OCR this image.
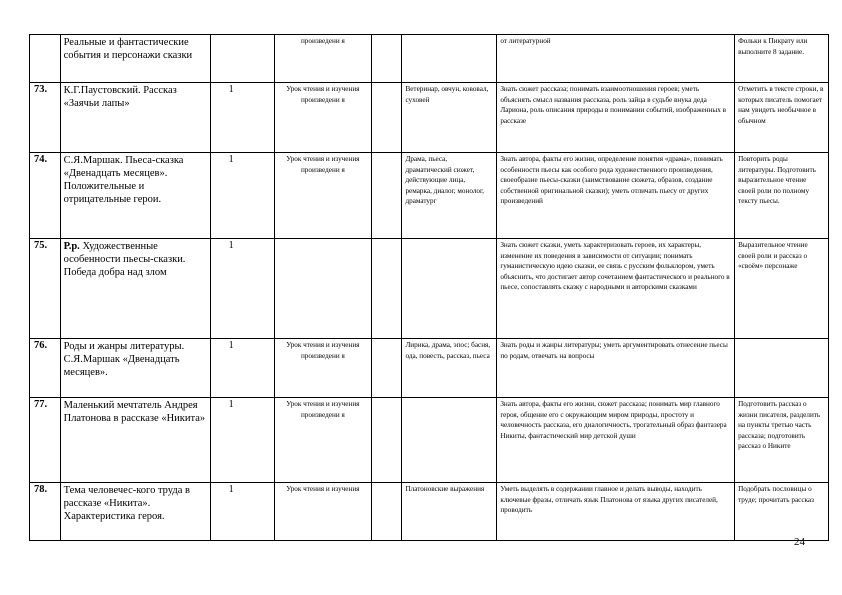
	Реальные и фантастические события и персонажи сказки		произведени я			от литературной	Фольки к Пикрату или выполните 8 задание.
73.	К.Г.Паустовский. Рассказ «Заячьи лапы»	1	Урок чтения и изучения произведени я		Ветеринар, овчун, кововал, суховей	Знать сюжет рассказа; понимать взаимоотношения героев; уметь объяснять смысл названия рассказа, роль зайца в судьбе внука деда Ларионa, роль описания природы в понимании событий, изображенных в рассказе	Отметить в тексте строки, в которых писатель помогает нам увидеть необычное в обычном
74.	С.Я.Маршак. Пьеса-сказка «Двенадцать месяцев». Положительные и отрицательные герои.	1	Урок чтения и изучения произведени я		Драма, пьеса, драматический сюжет, действующие лица, ремарка, диалог, монолог, драматург	Знать автора, факты его жизни, определение понятия «драма», понимать особенности пьесы как особого рода художественного произведения, своеобразие пьесы-сказки (заимствование сюжета, образов, создание собственной оригинальной сказки); уметь отличать пьесу от других произведений	Повторить роды литературы. Подготовить выразительное чтение своей роли по полному тексту пьесы.
75.	Р.р. Художественные особенности пьесы-сказки. Победа добра над злом	1				Знать сюжет сказки, уметь характеризовать героев, их характеры, изменение их поведения в зависимости от ситуации; понимать гуманистическую идею сказки, ее связь с русским фольклором, уметь объяснить, что достигает автор сочетанием фантастического и реального в пьесе, сопоставлять сказку с народными и авторскими сказками	Выразительное чтение своей роли и рассказ о «своём» персонаже
76.	Роды и жанры литературы. С.Я.Маршак «Двенадцать месяцев».	1	Урок чтения и изучения произведени я		Лирика, драма, эпос; басня, ода, повесть, рассказ, пьеса	Знать роды и жанры литературы; уметь аргументировать отнесение пьесы по родам, отвечать на вопросы	
77.	Маленький мечтатель Андрея Платонова в рассказе «Никита»	1	Урок чтения и изучения произведени я			Знать автора, факты его жизни, сюжет рассказа; понимать мир главного героя, общение его с окружающим миром природы, простоту и человечность рассказа, его диалогичность, трогательный образ фантазера Никиты, фантастический мир детской души	Подготовить рассказ о жизни писателя, разделить на пункты третью часть рассказа; подготовить рассказ о Никите
78.	Тема человечес-кого труда в рассказе «Никита». Характеристика героя.	1	Урок чтения и изучения		Платоновские выражения	Уметь выделять в содержании главное и делать выводы, находить ключевые фразы, отличать язык Платонова от языка других писателей, проводить	Подобрать пословицы о труде; прочитать рассказ
24
